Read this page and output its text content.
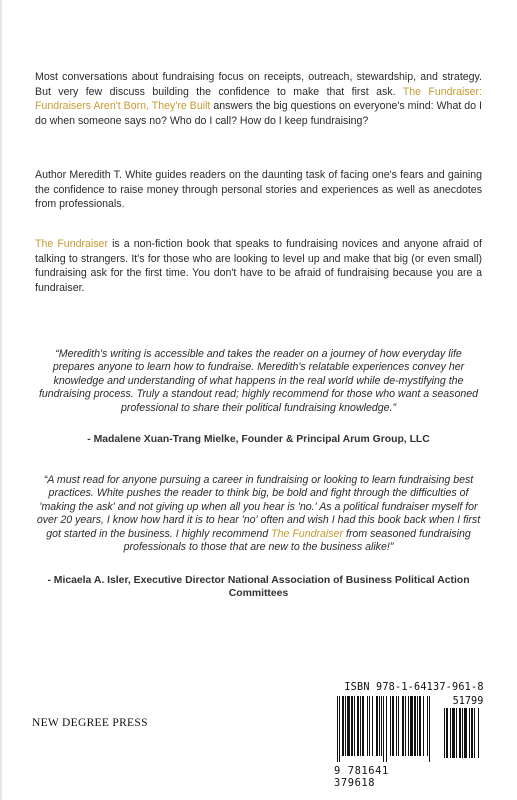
Most conversations about fundraising focus on receipts, outreach, stewardship, and strategy. But very few discuss building the confidence to make that first ask. The Fundraiser: Fundraisers Aren't Born, They're Built answers the big questions on everyone's mind: What do I do when someone says no? Who do I call? How do I keep fundraising?

Author Meredith T. White guides readers on the daunting task of facing one's fears and gaining the confidence to raise money through personal stories and experiences as well as anecdotes from professionals.

The Fundraiser is a non-fiction book that speaks to fundraising novices and anyone afraid of talking to strangers. It's for those who are looking to level up and make that big (or even small) fundraising ask for the first time. You don't have to be afraid of fundraising because you are a fundraiser.

“Meredith's writing is accessible and takes the reader on a journey of how everyday life prepares anyone to learn how to fundraise. Meredith's relatable experiences convey her knowledge and understanding of what happens in the real world while de-mystifying the fundraising process. Truly a standout read; highly recommend for those who want a seasoned professional to share their political fundraising knowledge.”

- Madalene Xuan-Trang Mielke, Founder & Principal Arum Group, LLC

“A must read for anyone pursuing a career in fundraising or looking to learn fundraising best practices. White pushes the reader to think big, be bold and fight through the difficulties of 'making the ask' and not giving up when all you hear is 'no.' As a political fundraiser myself for over 20 years, I know how hard it is to hear 'no' often and wish I had this book back when I first got started in the business. I highly recommend The Fundraiser from seasoned fundraising professionals to those that are new to the business alike!”

- Micaela A. Isler, Executive Director National Association of Business Political Action Committees

NEW DEGREE PRESS
ISBN 978-1-64137-961-8
51799
9 781641 379618
